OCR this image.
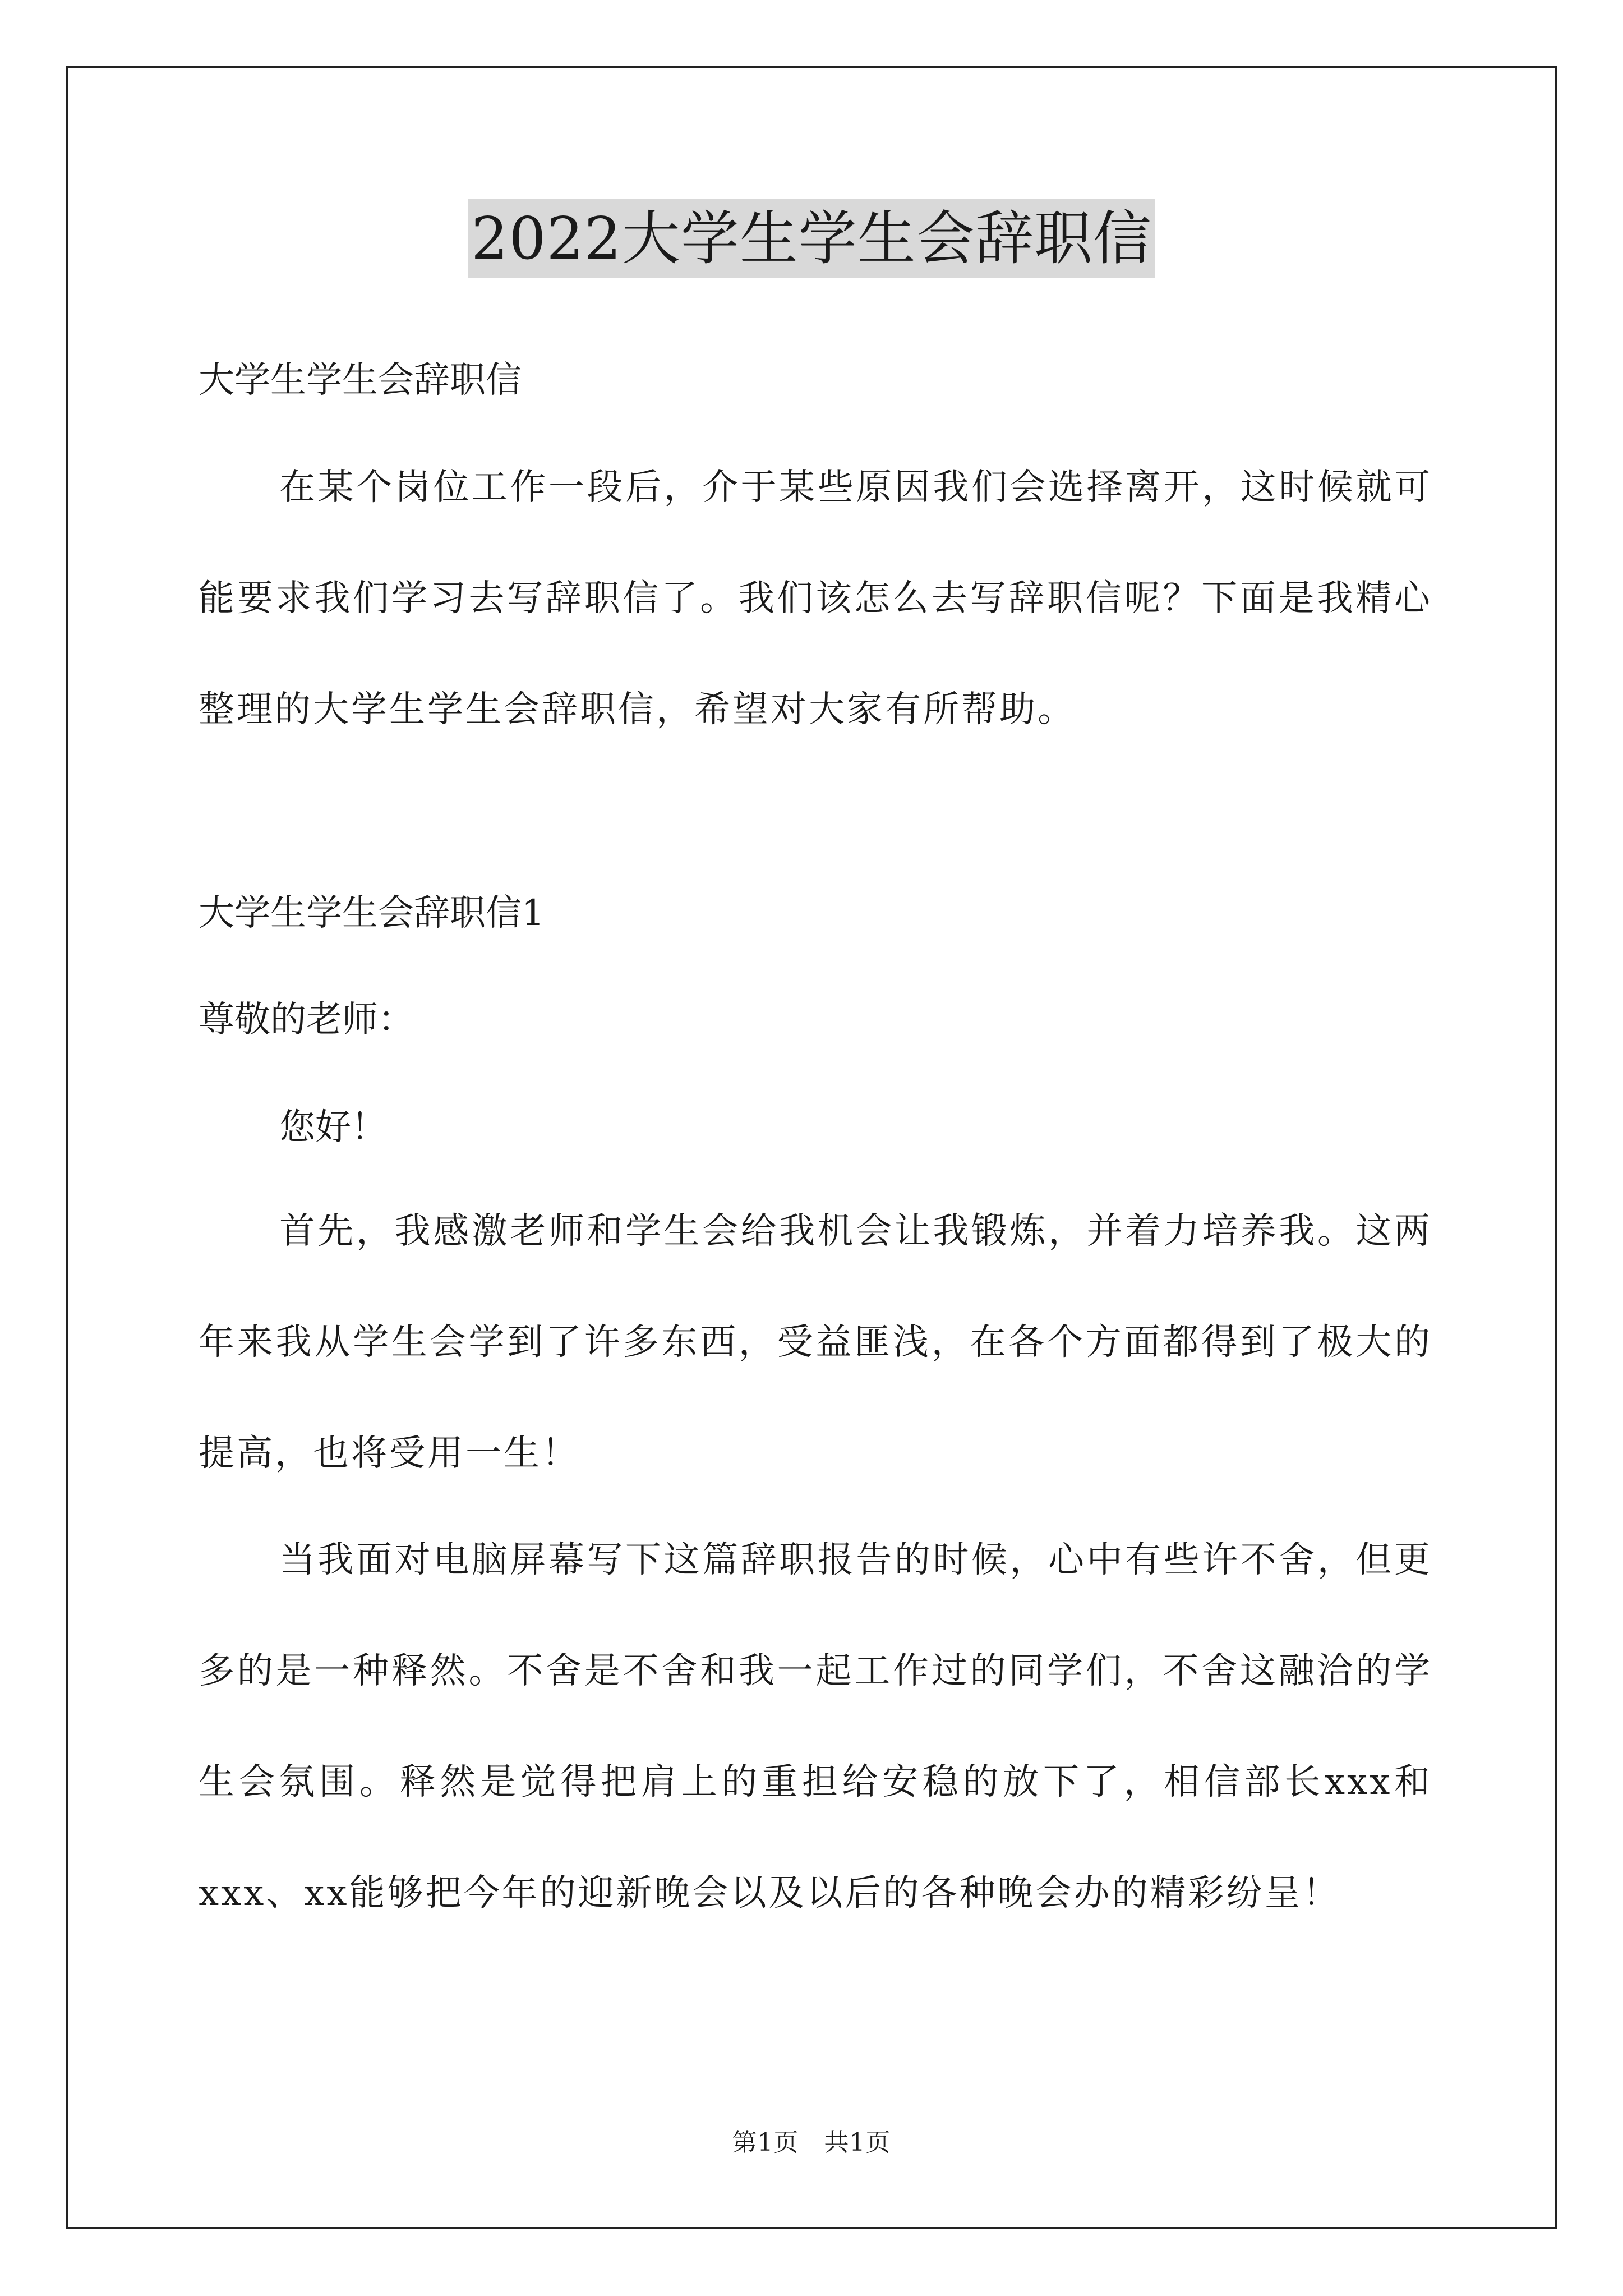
2022大学生学生会辞职信
大学生学生会辞职信
在某个岗位工作一段后，介于某些原因我们会选择离开，这时候就可能要求我们学习去写辞职信了。我们该怎么去写辞职信呢？下面是我精心整理的大学生学生会辞职信，希望对大家有所帮助。
大学生学生会辞职信1
尊敬的老师：
您好！
首先，我感激老师和学生会给我机会让我锻炼，并着力培养我。这两年来我从学生会学到了许多东西，受益匪浅，在各个方面都得到了极大的提高，也将受用一生！
当我面对电脑屏幕写下这篇辞职报告的时候，心中有些许不舍，但更多的是一种释然。不舍是不舍和我一起工作过的同学们，不舍这融洽的学生会氛围。释然是觉得把肩上的重担给安稳的放下了，相信部长xxx和xxx、xx能够把今年的迎新晚会以及以后的各种晚会办的精彩纷呈！
第1页　共1页
